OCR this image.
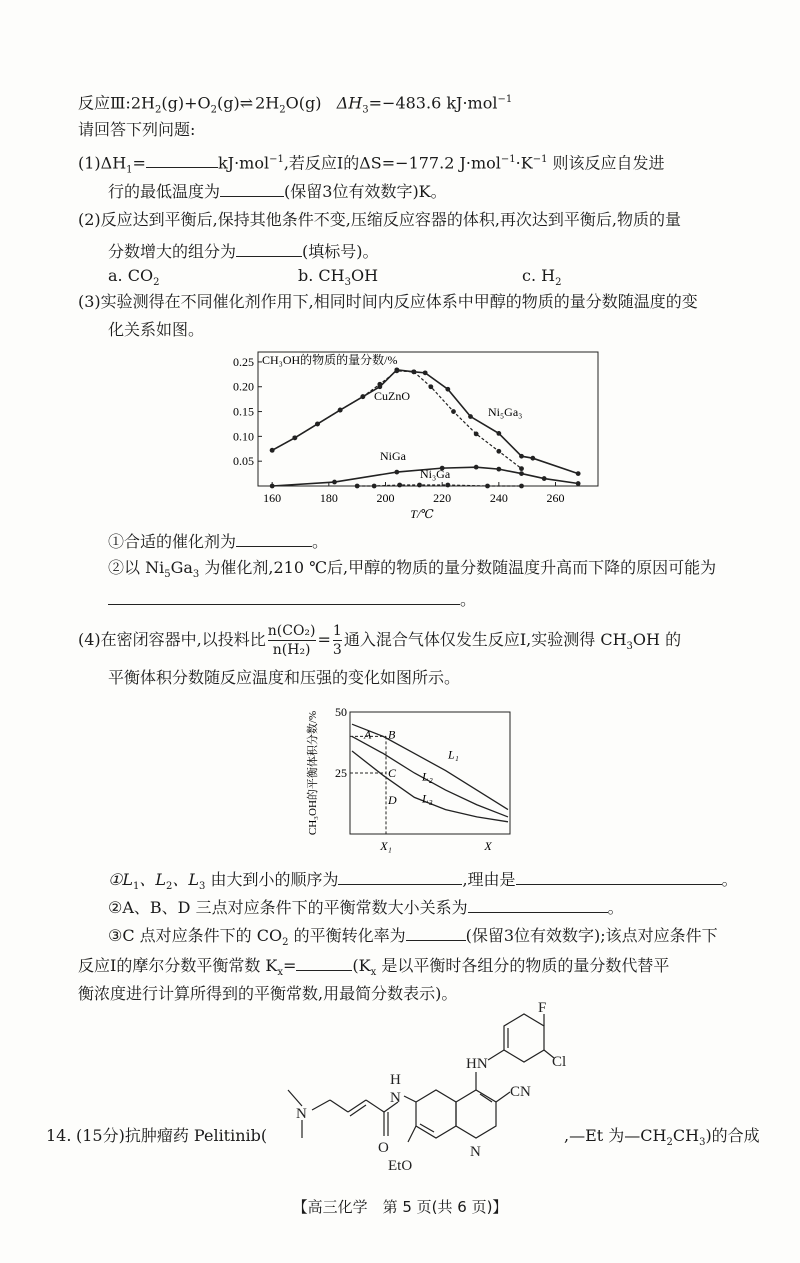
反应$Ⅲ:2H_2(g)+O_2(g)\rightleftharpoons 2H_2O(g)$ $\Delta H_3=-483.6$ kJ·mol$^{-1}$
请回答下列问题:
$(1)\Delta H_1=$	kJ·mol$^{-1}$,若反应Ⅰ的ΔS=−177.2 $J\cdot mol^{-1}\cdot K^{-1}$ 则该反应自发进
行的最低温度为	(保留3位有效数字)K。
(2)反应达到平衡后,保持其他条件不变,压缩反应容器的体积,再次达到平衡后,物质的量
分数增大的组分为	(填标号)。
a. $CO_2$	b. $CH_3OH$	c. $H_2$
(3)实验测得在不同催化剂作用下,相同时间内反应体系中甲醇的物质的量分数随温度的变
化关系如图。
0.05
0.10
0.15
0.20
0.25
160	180	200	220	240	260
T/℃
CH₃OH的物质的量分数/%
Ni₅Ga₃
CuZnO
NiGa
Ni₃Ga
①合适的催化剂为	。
②以 $Ni_5Ga_3$ 为催化剂,210 ℃后,甲醇的物质的量分数随温度升高而下降的原因可能为
。
(4)在密闭容器中,以投料比 $\frac{\text{n(CO₂)}}{\text{n(H₂)}} = \frac{1}{3}$ 通入混合气体仅发生反应Ⅰ,实验测得 $CH_3OH$ 的
平衡体积分数随反应温度和压强的变化如图所示。
25
50
X₁	X
CH₃OH的平衡体积分数/%	A B
C
D
L₁
L₂
L₃
$①L_1$、$L_2$、$L_3$ 由大到小的顺序为	,理由是	。
②A、B、D 三点对应条件下的平衡常数大小关系为	。
③C 点对应条件下的 $CO_2$ 的平衡转化率为	(保留3位有效数字);该点对应条件下
反应Ⅰ的摩尔分数平衡常数 $K_x=$	($K_x$ 是以平衡时各组分的物质的量分数代替平
衡浓度进行计算所得到的平衡常数,用最简分数表示)。
F
Cl
HN
H
N	CN
N
N
O
EtO
14. (15分)抗肿瘤药 Pelitinib(	,—Et 为$—CH_2CH_3$)的合成
【高三化学　第 5 页(共 6 页)】
